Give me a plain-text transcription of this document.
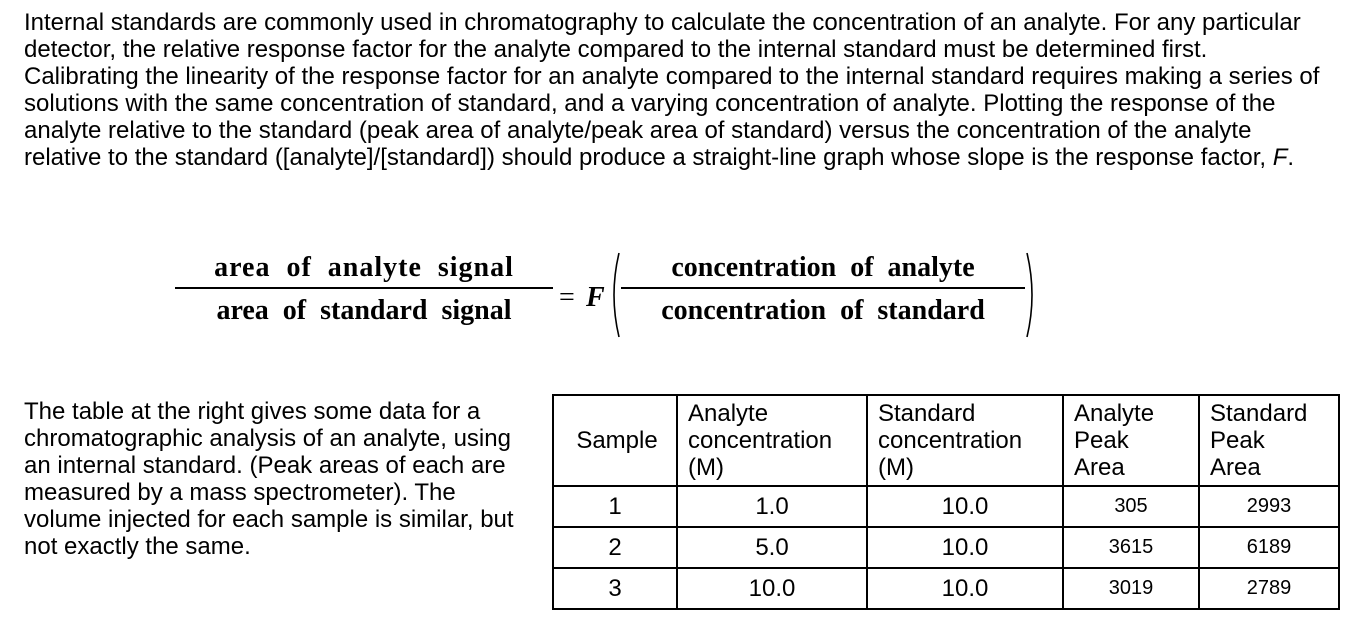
Internal standards are commonly used in chromatography to calculate the concentration of an analyte. For any particular detector, the relative response factor for the analyte compared to the internal standard must be determined first. Calibrating the linearity of the response factor for an analyte compared to the internal standard requires making a series of solutions with the same concentration of standard, and a varying concentration of analyte. Plotting the response of the analyte relative to the standard (peak area of analyte/peak area of standard) versus the concentration of the analyte relative to the standard ([analyte]/[standard]) should produce a straight-line graph whose slope is the response factor, F.

area  of  analyte  signal
area  of  standard  signal	= F
concentration  of  analyte
concentration  of  standard

The table at the right gives some data for a chromatographic analysis of an analyte, using an internal standard. (Peak areas of each are measured by a mass spectrometer). The volume injected for each sample is similar, but not exactly the same.

Sample	Analyte
concentration
(M)	Standard
concentration
(M)	Analyte
Peak
Area	Standard
Peak
Area
1	1.0	10.0	305	2993
2	5.0	10.0	3615	6189
3	10.0	10.0	3019	2789
